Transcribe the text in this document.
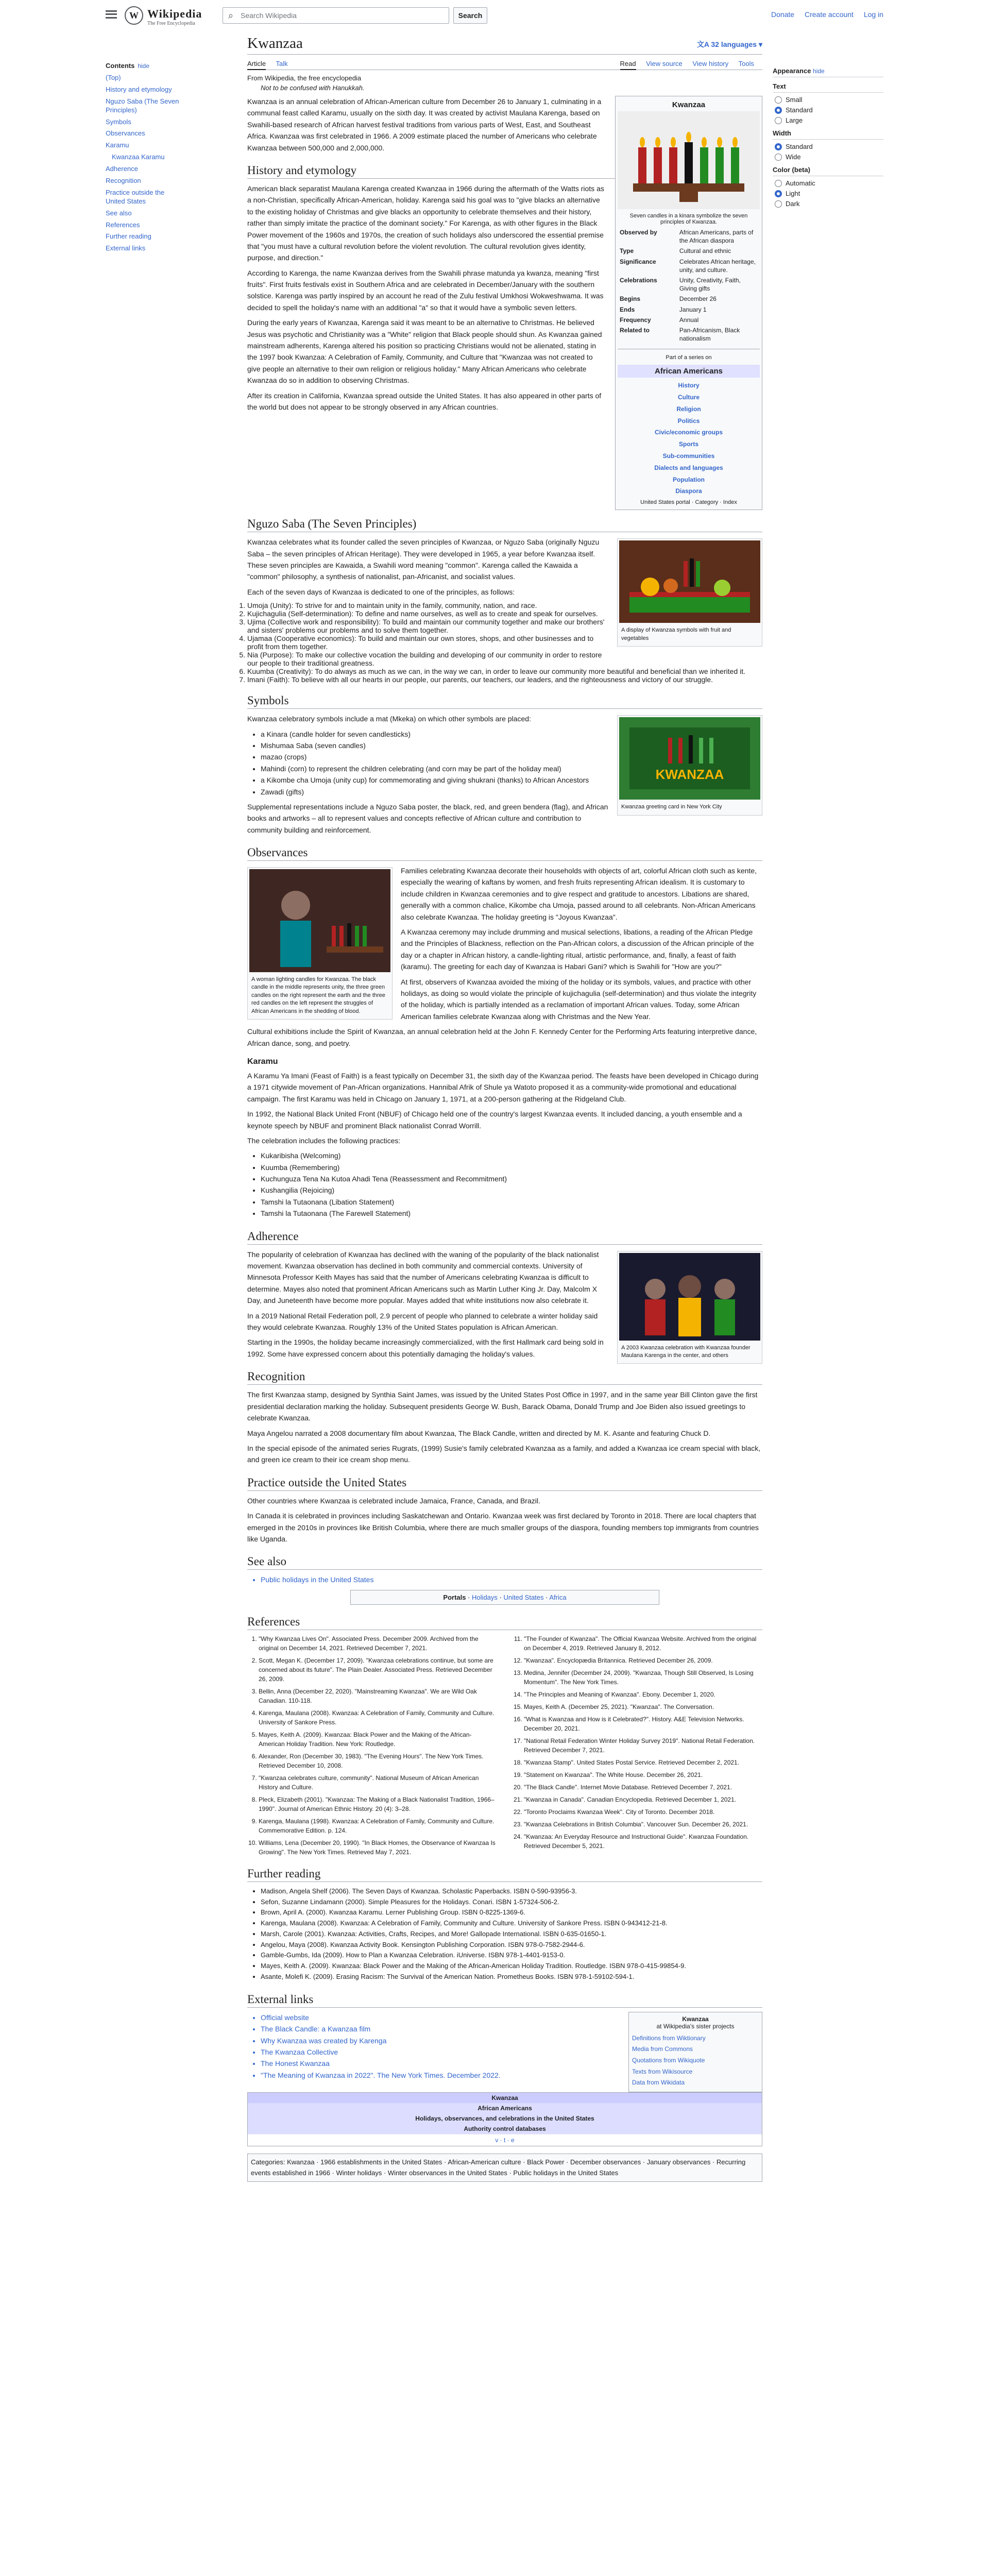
W Wikipedia
The Free Encyclopedia
⌕ Search Wikipedia	Search	Donate Create account Log in
Contents hide
(Top)
History and etymology
Nguzo Saba (The Seven Principles)
Symbols
Observances
Karamu
Kwanzaa Karamu
Adherence
Recognition
Practice outside the United States
See also
References
Further reading
External links
Kwanzaa	文A 32 languages ▾
Article Talk	Read View source View history Tools
From Wikipedia, the free encyclopedia
Not to be confused with Hanukkah.
Kwanzaa
Seven candles in a kinara symbolize the seven principles of Kwanzaa.
Observed by	African Americans, parts of the African diaspora
Type	Cultural and ethnic
Significance	Celebrates African heritage, unity, and culture.
Celebrations	Unity, Creativity, Faith, Giving gifts
Begins	December 26
Ends	January 1
Frequency	Annual
Related to	Pan-Africanism, Black nationalism
Part of a series on
African Americans
History
Culture
Religion
Politics
Civic/economic groups
Sports
Sub-communities
Dialects and languages
Population
Diaspora
United States portal · Category · Index

Kwanzaa is an annual celebration of African-American culture from December 26 to January 1, culminating in a communal feast called Karamu, usually on the sixth day. It was created by activist Maulana Karenga, based on Swahili-based research of African harvest festival traditions from various parts of West, East, and Southeast Africa. Kwanzaa was first celebrated in 1966. A 2009 estimate placed the number of Americans who celebrate Kwanzaa between 500,000 and 2,000,000.

History and etymology

American black separatist Maulana Karenga created Kwanzaa in 1966 during the aftermath of the Watts riots as a non-Christian, specifically African-American, holiday. Karenga said his goal was to "give blacks an alternative to the existing holiday of Christmas and give blacks an opportunity to celebrate themselves and their history, rather than simply imitate the practice of the dominant society." For Karenga, as with other figures in the Black Power movement of the 1960s and 1970s, the creation of such holidays also underscored the essential premise that "you must have a cultural revolution before the violent revolution. The cultural revolution gives identity, purpose, and direction."

According to Karenga, the name Kwanzaa derives from the Swahili phrase matunda ya kwanza, meaning "first fruits". First fruits festivals exist in Southern Africa and are celebrated in December/January with the southern solstice. Karenga was partly inspired by an account he read of the Zulu festival Umkhosi Wokweshwama. It was decided to spell the holiday's name with an additional "a" so that it would have a symbolic seven letters.

During the early years of Kwanzaa, Karenga said it was meant to be an alternative to Christmas. He believed Jesus was psychotic and Christianity was a "White" religion that Black people should shun. As Kwanzaa gained mainstream adherents, Karenga altered his position so practicing Christians would not be alienated, stating in the 1997 book Kwanzaa: A Celebration of Family, Community, and Culture that "Kwanzaa was not created to give people an alternative to their own religion or religious holiday." Many African Americans who celebrate Kwanzaa do so in addition to observing Christmas.

After its creation in California, Kwanzaa spread outside the United States. It has also appeared in other parts of the world but does not appear to be strongly observed in any African countries.

Nguzo Saba (The Seven Principles)
A display of Kwanzaa symbols with fruit and vegetables

Kwanzaa celebrates what its founder called the seven principles of Kwanzaa, or Nguzo Saba (originally Nguzu Saba – the seven principles of African Heritage). They were developed in 1965, a year before Kwanzaa itself. These seven principles are Kawaida, a Swahili word meaning "common". Karenga called the Kawaida a "common" philosophy, a synthesis of nationalist, pan-Africanist, and socialist values.

Each of the seven days of Kwanzaa is dedicated to one of the principles, as follows:

1. Umoja (Unity): To strive for and to maintain unity in the family, community, nation, and race.
2. Kujichagulia (Self-determination): To define and name ourselves, as well as to create and speak for ourselves.
3. Ujima (Collective work and responsibility): To build and maintain our community together and make our brothers' and sisters' problems our problems and to solve them together.
4. Ujamaa (Cooperative economics): To build and maintain our own stores, shops, and other businesses and to profit from them together.
5. Nia (Purpose): To make our collective vocation the building and developing of our community in order to restore our people to their traditional greatness.
6. Kuumba (Creativity): To do always as much as we can, in the way we can, in order to leave our community more beautiful and beneficial than we inherited it.
7. Imani (Faith): To believe with all our hearts in our people, our parents, our teachers, our leaders, and the righteousness and victory of our struggle.
Symbols
KWANZAA
Kwanzaa greeting card in New York City

Kwanzaa celebratory symbols include a mat (Mkeka) on which other symbols are placed:

• a Kinara (candle holder for seven candlesticks)
• Mishumaa Saba (seven candles)
• mazao (crops)
• Mahindi (corn) to represent the children celebrating (and corn may be part of the holiday meal)
• a Kikombe cha Umoja (unity cup) for commemorating and giving shukrani (thanks) to African Ancestors
• Zawadi (gifts)

Supplemental representations include a Nguzo Saba poster, the black, red, and green bendera (flag), and African books and artworks – all to represent values and concepts reflective of African culture and contribution to community building and reinforcement.

Observances
A woman lighting candles for Kwanzaa. The black candle in the middle represents unity, the three green candles on the right represent the earth and the three red candles on the left represent the struggles of African Americans in the shedding of blood.

Families celebrating Kwanzaa decorate their households with objects of art, colorful African cloth such as kente, especially the wearing of kaftans by women, and fresh fruits representing African idealism. It is customary to include children in Kwanzaa ceremonies and to give respect and gratitude to ancestors. Libations are shared, generally with a common chalice, Kikombe cha Umoja, passed around to all celebrants. Non-African Americans also celebrate Kwanzaa. The holiday greeting is "Joyous Kwanzaa".

A Kwanzaa ceremony may include drumming and musical selections, libations, a reading of the African Pledge and the Principles of Blackness, reflection on the Pan-African colors, a discussion of the African principle of the day or a chapter in African history, a candle-lighting ritual, artistic performance, and, finally, a feast of faith (karamu). The greeting for each day of Kwanzaa is Habari Gani? which is Swahili for "How are you?"

At first, observers of Kwanzaa avoided the mixing of the holiday or its symbols, values, and practice with other holidays, as doing so would violate the principle of kujichagulia (self-determination) and thus violate the integrity of the holiday, which is partially intended as a reclamation of important African values. Today, some African American families celebrate Kwanzaa along with Christmas and the New Year.

Cultural exhibitions include the Spirit of Kwanzaa, an annual celebration held at the John F. Kennedy Center for the Performing Arts featuring interpretive dance, African dance, song, and poetry.

Karamu

A Karamu Ya Imani (Feast of Faith) is a feast typically on December 31, the sixth day of the Kwanzaa period. The feasts have been developed in Chicago during a 1971 citywide movement of Pan-African organizations. Hannibal Afrik of Shule ya Watoto proposed it as a community-wide promotional and educational campaign. The first Karamu was held in Chicago on January 1, 1971, at a 200-person gathering at the Ridgeland Club.

In 1992, the National Black United Front (NBUF) of Chicago held one of the country's largest Kwanzaa events. It included dancing, a youth ensemble and a keynote speech by NBUF and prominent Black nationalist Conrad Worrill.

The celebration includes the following practices:

• Kukaribisha (Welcoming)
• Kuumba (Remembering)
• Kuchunguza Tena Na Kutoa Ahadi Tena (Reassessment and Recommitment)
• Kushangilia (Rejoicing)
• Tamshi la Tutaonana (Libation Statement)
• Tamshi la Tutaonana (The Farewell Statement)
Adherence
A 2003 Kwanzaa celebration with Kwanzaa founder Maulana Karenga in the center, and others

The popularity of celebration of Kwanzaa has declined with the waning of the popularity of the black nationalist movement. Kwanzaa observation has declined in both community and commercial contexts. University of Minnesota Professor Keith Mayes has said that the number of Americans celebrating Kwanzaa is difficult to determine. Mayes also noted that prominent African Americans such as Martin Luther King Jr. Day, Malcolm X Day, and Juneteenth have become more popular. Mayes added that white institutions now also celebrate it.

In a 2019 National Retail Federation poll, 2.9 percent of people who planned to celebrate a winter holiday said they would celebrate Kwanzaa. Roughly 13% of the United States population is African American.

Starting in the 1990s, the holiday became increasingly commercialized, with the first Hallmark card being sold in 1992. Some have expressed concern about this potentially damaging the holiday's values.

Recognition

The first Kwanzaa stamp, designed by Synthia Saint James, was issued by the United States Post Office in 1997, and in the same year Bill Clinton gave the first presidential declaration marking the holiday. Subsequent presidents George W. Bush, Barack Obama, Donald Trump and Joe Biden also issued greetings to celebrate Kwanzaa.

Maya Angelou narrated a 2008 documentary film about Kwanzaa, The Black Candle, written and directed by M. K. Asante and featuring Chuck D.

In the special episode of the animated series Rugrats, (1999) Susie's family celebrated Kwanzaa as a family, and added a Kwanzaa ice cream special with black, and green ice cream to their ice cream shop menu.

Practice outside the United States

Other countries where Kwanzaa is celebrated include Jamaica, France, Canada, and Brazil.

In Canada it is celebrated in provinces including Saskatchewan and Ontario. Kwanzaa week was first declared by Toronto in 2018. There are local chapters that emerged in the 2010s in provinces like British Columbia, where there are much smaller groups of the diaspora, founding members top immigrants from countries like Uganda.

See also
• Public holidays in the United States
Portals · Holidays · United States · Africa
References
1. "Why Kwanzaa Lives On". Associated Press. December 2009. Archived from the original on December 14, 2021. Retrieved December 7, 2021.
2. Scott, Megan K. (December 17, 2009). "Kwanzaa celebrations continue, but some are concerned about its future". The Plain Dealer. Associated Press. Retrieved December 26, 2009.
3. Bellin, Anna (December 22, 2020). "Mainstreaming Kwanzaa". We are Wild Oak Canadian. 110-118.
4. Karenga, Maulana (2008). Kwanzaa: A Celebration of Family, Community and Culture. University of Sankore Press.
5. Mayes, Keith A. (2009). Kwanzaa: Black Power and the Making of the African-American Holiday Tradition. New York: Routledge.
6. Alexander, Ron (December 30, 1983). "The Evening Hours". The New York Times. Retrieved December 10, 2008.
7. "Kwanzaa celebrates culture, community". National Museum of African American History and Culture.
8. Pleck, Elizabeth (2001). "Kwanzaa: The Making of a Black Nationalist Tradition, 1966–1990". Journal of American Ethnic History. 20 (4): 3–28.
9. Karenga, Maulana (1998). Kwanzaa: A Celebration of Family, Community and Culture. Commemorative Edition. p. 124.
10. Williams, Lena (December 20, 1990). "In Black Homes, the Observance of Kwanzaa Is Growing". The New York Times. Retrieved May 7, 2021.
11. "The Founder of Kwanzaa". The Official Kwanzaa Website. Archived from the original on December 4, 2019. Retrieved January 8, 2012.
12. "Kwanzaa". Encyclopædia Britannica. Retrieved December 26, 2009.
13. Medina, Jennifer (December 24, 2009). "Kwanzaa, Though Still Observed, Is Losing Momentum". The New York Times.
14. "The Principles and Meaning of Kwanzaa". Ebony. December 1, 2020.
15. Mayes, Keith A. (December 25, 2021). "Kwanzaa". The Conversation.
16. "What is Kwanzaa and How is it Celebrated?". History. A&E Television Networks. December 20, 2021.
17. "National Retail Federation Winter Holiday Survey 2019". National Retail Federation. Retrieved December 7, 2021.
18. "Kwanzaa Stamp". United States Postal Service. Retrieved December 2, 2021.
19. "Statement on Kwanzaa". The White House. December 26, 2021.
20. "The Black Candle". Internet Movie Database. Retrieved December 7, 2021.
21. "Kwanzaa in Canada". Canadian Encyclopedia. Retrieved December 1, 2021.
22. "Toronto Proclaims Kwanzaa Week". City of Toronto. December 2018.
23. "Kwanzaa Celebrations in British Columbia". Vancouver Sun. December 26, 2021.
24. "Kwanzaa: An Everyday Resource and Instructional Guide". Kwanzaa Foundation. Retrieved December 5, 2021.
Further reading
• Madison, Angela Shelf (2006). The Seven Days of Kwanzaa. Scholastic Paperbacks. ISBN 0-590-93956-3.
• Sefon, Suzanne Lindamann (2000). Simple Pleasures for the Holidays. Conari. ISBN 1-57324-506-2.
• Brown, April A. (2000). Kwanzaa Karamu. Lerner Publishing Group. ISBN 0-8225-1369-6.
• Karenga, Maulana (2008). Kwanzaa: A Celebration of Family, Community and Culture. University of Sankore Press. ISBN 0-943412-21-8.
• Marsh, Carole (2001). Kwanzaa: Activities, Crafts, Recipes, and More! Gallopade International. ISBN 0-635-01650-1.
• Angelou, Maya (2008). Kwanzaa Activity Book. Kensington Publishing Corporation. ISBN 978-0-7582-2944-6.
• Gamble-Gumbs, Ida (2009). How to Plan a Kwanzaa Celebration. iUniverse. ISBN 978-1-4401-9153-0.
• Mayes, Keith A. (2009). Kwanzaa: Black Power and the Making of the African-American Holiday Tradition. Routledge. ISBN 978-0-415-99854-9.
• Asante, Molefi K. (2009). Erasing Racism: The Survival of the American Nation. Prometheus Books. ISBN 978-1-59102-594-1.
External links
Kwanzaa
at Wikipedia's sister projects
Definitions from Wiktionary
Media from Commons
Quotations from Wikiquote
Texts from Wikisource
Data from Wikidata
• Official website
• The Black Candle: a Kwanzaa film
• Why Kwanzaa was created by Karenga
• The Kwanzaa Collective
• The Honest Kwanzaa
• "The Meaning of Kwanzaa in 2022". The New York Times. December 2022.
Kwanzaa
African Americans
Holidays, observances, and celebrations in the United States
Authority control databases
v · t · e
Categories: Kwanzaa · 1966 establishments in the United States · African-American culture · Black Power · December observances · January observances · Recurring events established in 1966 · Winter holidays · Winter observances in the United States · Public holidays in the United States
Appearance hide
Text
Small
Standard
Large
Width
Standard
Wide
Color (beta)
Automatic
Light
Dark
